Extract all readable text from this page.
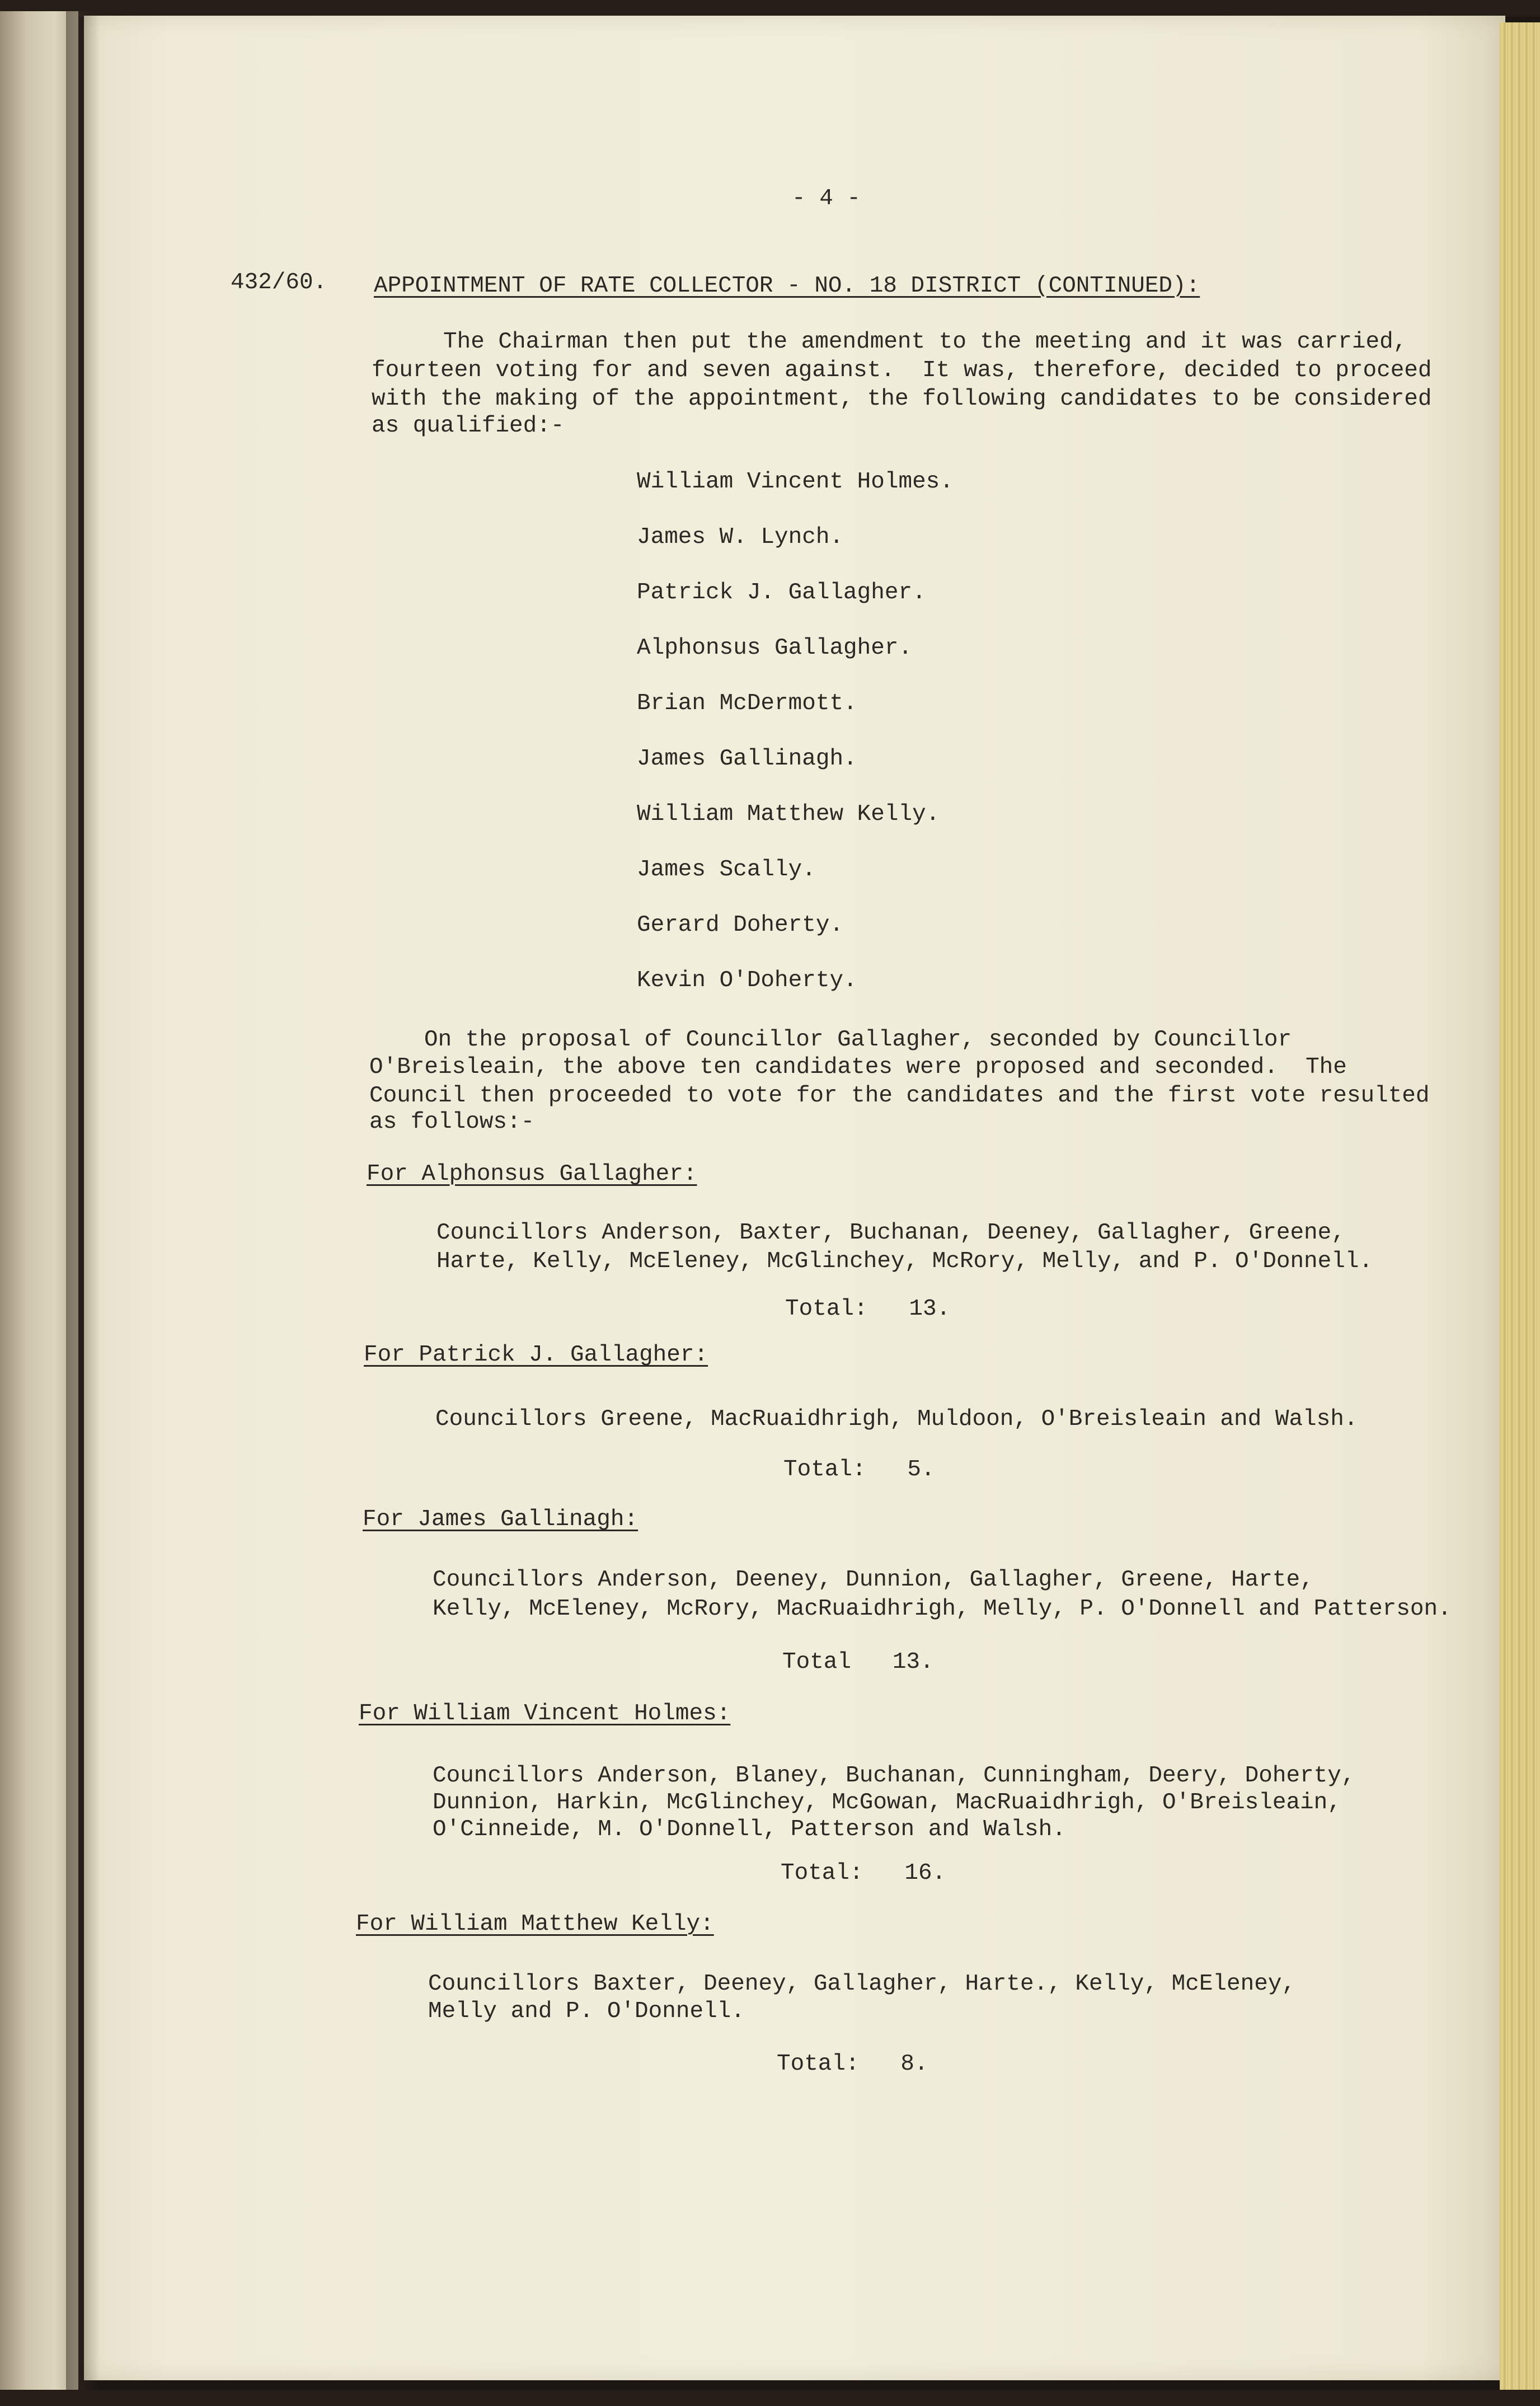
- 4 -
432/60. APPOINTMENT OF RATE COLLECTOR - NO. 18 DISTRICT (CONTINUED):
The Chairman then put the amendment to the meeting and it was carried,
fourteen voting for and seven against.  It was, therefore, decided to proceed
with the making of the appointment, the following candidates to be considered
as qualified:-
William Vincent Holmes.
James W. Lynch.
Patrick J. Gallagher.
Alphonsus Gallagher.
Brian McDermott.
James Gallinagh.
William Matthew Kelly.
James Scally.
Gerard Doherty.
Kevin O'Doherty.
On the proposal of Councillor Gallagher, seconded by Councillor
O'Breisleain, the above ten candidates were proposed and seconded.  The
Council then proceeded to vote for the candidates and the first vote resulted
as follows:-
For Alphonsus Gallagher:
Councillors Anderson, Baxter, Buchanan, Deeney, Gallagher, Greene,
Harte, Kelly, McEleney, McGlinchey, McRory, Melly, and P. O'Donnell.
Total:   13.
For Patrick J. Gallagher:
Councillors Greene, MacRuaidhrigh, Muldoon, O'Breisleain and Walsh.
Total:   5.
For James Gallinagh:
Councillors Anderson, Deeney, Dunnion, Gallagher, Greene, Harte,
Kelly, McEleney, McRory, MacRuaidhrigh, Melly, P. O'Donnell and Patterson.
Total   13.
For William Vincent Holmes:
Councillors Anderson, Blaney, Buchanan, Cunningham, Deery, Doherty,
Dunnion, Harkin, McGlinchey, McGowan, MacRuaidhrigh, O'Breisleain,
O'Cinneide, M. O'Donnell, Patterson and Walsh.
Total:   16.
For William Matthew Kelly:
Councillors Baxter, Deeney, Gallagher, Harte., Kelly, McEleney,
Melly and P. O'Donnell.
Total:   8.
